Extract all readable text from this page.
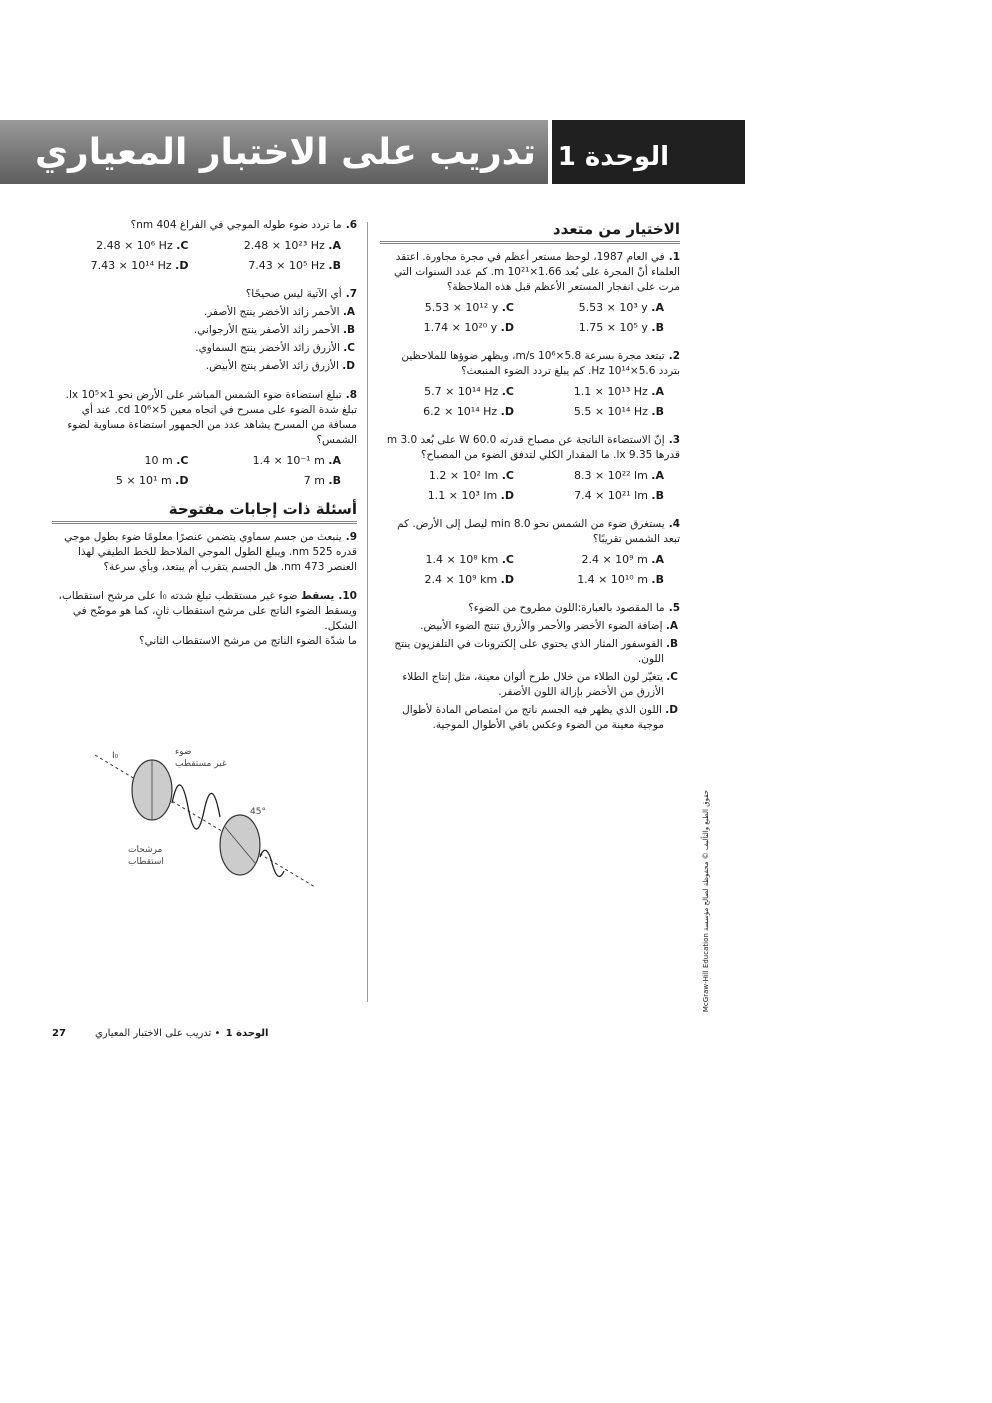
تدريب على الاختبار المعياري الوحدة 1
الاختيار من متعدد

1.في العام 1987، لوحظ مستعر أعظم في مجرة مجاورة. اعتقد العلماء أنّ المجرة على بُعد 1.66×10²¹ m. كم عدد السنوات التي مرت على انفجار المستعر الأعظم قبل هذه الملاحظة؟

A. 5.53 × 10³ y
C. 5.53 × 10¹² y
B. 1.75 × 10⁵ y
D. 1.74 × 10²⁰ y

2.تبتعد مجرة بسرعة 5.8×10⁶ m/s، ويظهر ضوؤها للملاحظين بتردد 5.6×10¹⁴ Hz. كم يبلغ تردد الضوء المنبعث؟

A. 1.1 × 10¹³ Hz
C. 5.7 × 10¹⁴ Hz
B. 5.5 × 10¹⁴ Hz
D. 6.2 × 10¹⁴ Hz

3.إنّ الاستضاءة الناتجة عن مصباح قدرته 60.0 W على بُعد 3.0 m قدرها 9.35 lx. ما المقدار الكلي لتدفق الضوء من المصباح؟

A. 8.3 × 10²² lm
C. 1.2 × 10² lm
B. 7.4 × 10²¹ lm
D. 1.1 × 10³ lm

4.يستغرق ضوء من الشمس نحو 8.0 min ليصل إلى الأرض. كم تبعد الشمس تقريبًا؟

A. 2.4 × 10⁹ m
C. 1.4 × 10⁸ km
B. 1.4 × 10¹⁰ m
D. 2.4 × 10⁹ km

5.ما المقصود بالعبارة:اللون مطروح من الضوء؟

A. إضافة الضوء الأخضر والأحمر والأزرق تنتج الضوء الأبيض.
B. الفوسفور المثار الذي يحتوي على إلكترونات في التلفزيون ينتج اللون.
C. يتغيّر لون الطلاء من خلال طرح ألوان معينة، مثل إنتاج الطلاء الأزرق من الأخضر بإزالة اللون الأصفر.
D. اللون الذي يظهر فيه الجسم ناتج من امتصاص المادة لأطوال موجية معينة من الضوء وعكس باقي الأطوال الموجية.

6.ما تردد ضوء طوله الموجي في الفراغ 404 nm؟

A. 2.48 × 10²³ Hz
C. 2.48 × 10⁶ Hz
B. 7.43 × 10⁵ Hz
D. 7.43 × 10¹⁴ Hz

7.أي الآتية ليس صحيحًا؟

A. الأحمر زائد الأخضر ينتج الأصفر.
B. الأحمر زائد الأصفر ينتج الأرجواني.
C. الأزرق زائد الأخضر ينتج السماوي.
D. الأزرق زائد الأصفر ينتج الأبيض.

8.تبلغ استضاءة ضوء الشمس المباشر على الأرض نحو 1×10⁵ lx. تبلغ شدة الضوء على مسرح في اتجاه معين 5×10⁶ cd. عند أي مسافة من المسرح يشاهد عدد من الجمهور استضاءة مساوية لضوء الشمس؟

A. 1.4 × 10⁻¹ m
C. 10 m
B. 7 m
D. 5 × 10¹ m
أسئلة ذات إجابات مفتوحة

9.ينبعث من جسم سماوي يتضمن عنصرًا معلومًا ضوء بطول موجي قدره 525 nm. ويبلغ الطول الموجي الملاحظ للخط الطيفي لهذا العنصر 473 nm. هل الجسم يتقرب أم يبتعد، وبأي سرعة؟

10.يسقط ضوء غير مستقطب تبلغ شدته I₀ على مرشح استقطاب، ويسقط الضوء الناتج على مرشح استقطاب ثانٍ، كما هو موضّح في الشكل.

ما شدّة الضوء الناتج من مرشح الاستقطاب الثاني؟

I₀	ضوء
غير مستقطب
45°
مرشحات
استقطاب
حقوق الطبع والتأليف © محفوظة لصالح مؤسسة McGraw-Hill Education
الوحدة 1 • تدريب على الاختبار المعياري
27
